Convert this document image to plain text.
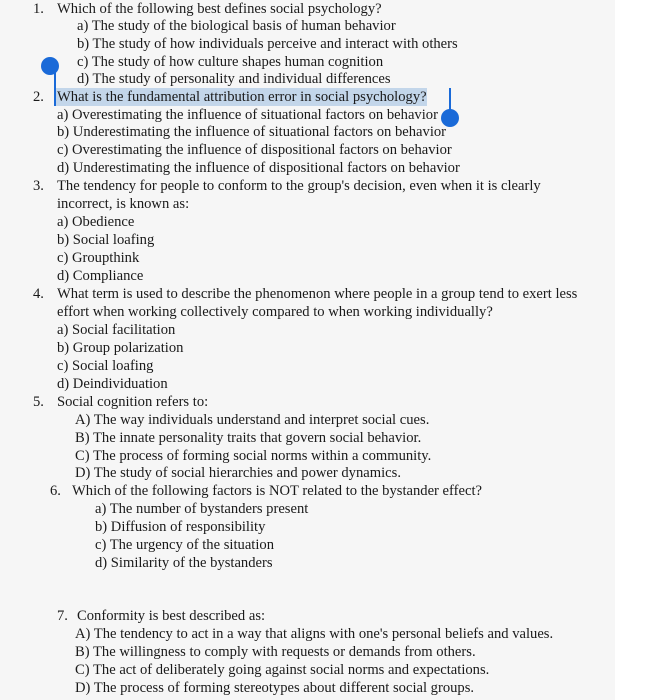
1. Which of the following best defines social psychology?
a) The study of the biological basis of human behavior
b) The study of how individuals perceive and interact with others
c) The study of how culture shapes human cognition
d) The study of personality and individual differences
2. What is the fundamental attribution error in social psychology?
a) Overestimating the influence of situational factors on behavior
b) Underestimating the influence of situational factors on behavior
c) Overestimating the influence of dispositional factors on behavior
d) Underestimating the influence of dispositional factors on behavior
3. The tendency for people to conform to the group's decision, even when it is clearly
incorrect, is known as:
a) Obedience
b) Social loafing
c) Groupthink
d) Compliance
4. What term is used to describe the phenomenon where people in a group tend to exert less
effort when working collectively compared to when working individually?
a) Social facilitation
b) Group polarization
c) Social loafing
d) Deindividuation
5. Social cognition refers to:
A) The way individuals understand and interpret social cues.
B) The innate personality traits that govern social behavior.
C) The process of forming social norms within a community.
D) The study of social hierarchies and power dynamics.
6. Which of the following factors is NOT related to the bystander effect?
a) The number of bystanders present
b) Diffusion of responsibility
c) The urgency of the situation
d) Similarity of the bystanders
7. Conformity is best described as:
A) The tendency to act in a way that aligns with one's personal beliefs and values.
B) The willingness to comply with requests or demands from others.
C) The act of deliberately going against social norms and expectations.
D) The process of forming stereotypes about different social groups.
